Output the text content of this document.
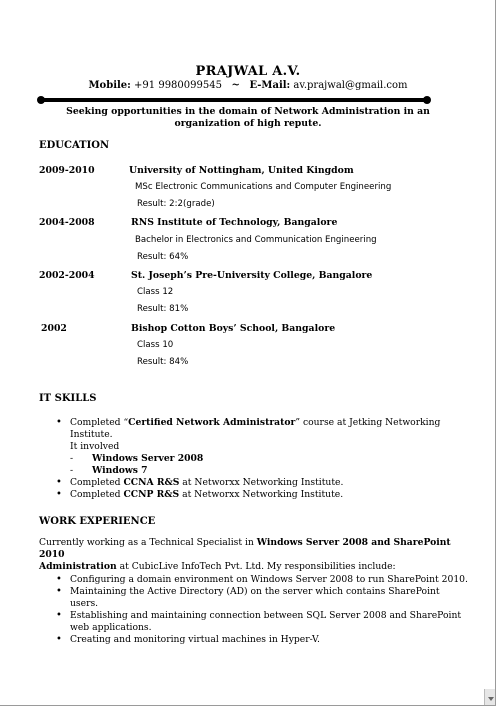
PRAJWAL A.V.
Mobile: +91 9980099545 ~ E-Mail: av.prajwal@gmail.com
Seeking opportunities in the domain of Network Administration in an organization of high repute.
EDUCATION
2009-2010	University of Nottingham, United Kingdom
MSc Electronic Communications and Computer Engineering
Result: 2:2(grade)
2004-2008	RNS Institute of Technology, Bangalore
Bachelor in Electronics and Communication Engineering
Result: 64%
2002-2004	St. Joseph’s Pre-University College, Bangalore
Class 12
Result: 81%
2002	Bishop Cotton Boys’ School, Bangalore
Class 10
Result: 84%
IT SKILLS
• Completed “Certified Network Administrator” course at Jetking Networking Institute.
It involved
- Windows Server 2008
- Windows 7
• Completed CCNA R&S at Networxx Networking Institute.
• Completed CCNP R&S at Networxx Networking Institute.
WORK EXPERIENCE
Currently working as a Technical Specialist in Windows Server 2008 and SharePoint 2010
Administration at CubicLive InfoTech Pvt. Ltd. My responsibilities include:
• Configuring a domain environment on Windows Server 2008 to run SharePoint 2010.
• Maintaining the Active Directory (AD) on the server which contains SharePoint users.
• Establishing and maintaining connection between SQL Server 2008 and SharePoint web applications.
• Creating and monitoring virtual machines in Hyper-V.
